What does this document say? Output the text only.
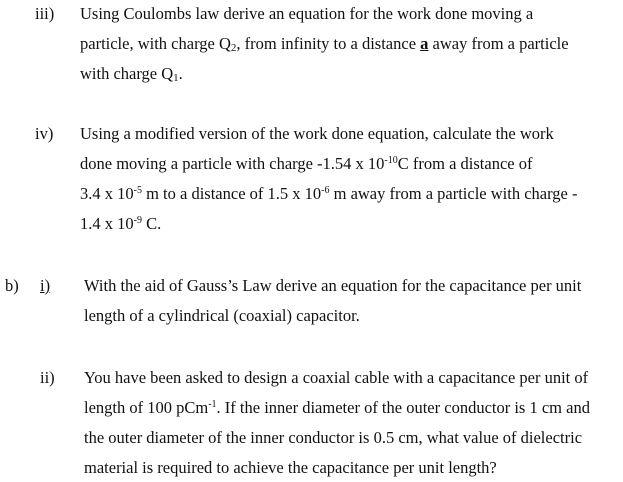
iii) Using Coulombs law derive an equation for the work done moving a
particle, with charge $Q_2$, from infinity to a distance a away from a particle
with charge $Q_1$.
iv) Using a modified version of the work done equation, calculate the work
done moving a particle with charge -1.54 x $10^{-10}C$ from a distance of
3.4 x $10^{-5}$ m to a distance of 1.5 x $10^{-6}$ m away from a particle with charge -
1.4 x $10^{-9}$ C.
b) i) With the aid of Gauss’s Law derive an equation for the capacitance per unit
length of a cylindrical (coaxial) capacitor.
ii) You have been asked to design a coaxial cable with a capacitance per unit of
length of 100 pCm$^{-1}$. If the inner diameter of the outer conductor is 1 cm and
the outer diameter of the inner conductor is 0.5 cm, what value of dielectric
material is required to achieve the capacitance per unit length?
